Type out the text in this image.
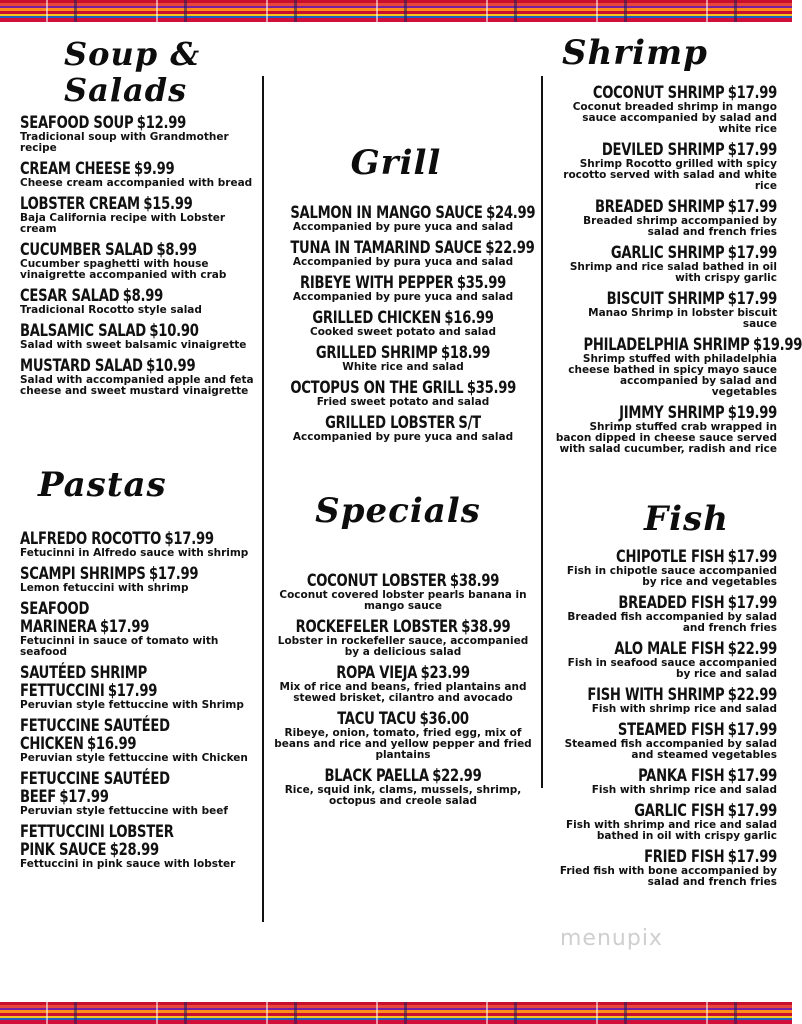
Soup & Salads
SEAFOOD SOUP $12.99
Tradicional soup with Grandmother recipe
CREAM CHEESE $9.99
Cheese cream accompanied with bread
LOBSTER CREAM $15.99
Baja California recipe with Lobster cream
CUCUMBER SALAD $8.99
Cucumber spaghetti with house vinaigrette accompanied with crab
CESAR SALAD $8.99
Tradicional Rocotto style salad
BALSAMIC SALAD $10.90
Salad with sweet balsamic vinaigrette
MUSTARD SALAD $10.99
Salad with accompanied apple and feta cheese and sweet mustard vinaigrette
Pastas
ALFREDO ROCOTTO $17.99
Fetucinni in Alfredo sauce with shrimp
SCAMPI SHRIMPS $17.99
Lemon fetuccini with shrimp
SEAFOOD
MARINERA $17.99
Fetucinni in sauce of tomato with seafood
SAUTÉED SHRIMP
FETTUCCINI $17.99
Peruvian style fettuccine with Shrimp
FETUCCINE SAUTÉED
CHICKEN $16.99
Peruvian style fettuccine with Chicken
FETUCCINE SAUTÉED
BEEF $17.99
Peruvian style fettuccine with beef
FETTUCCINI LOBSTER
PINK SAUCE $28.99
Fettuccini in pink sauce with lobster
Grill
SALMON IN MANGO SAUCE $24.99
Accompanied by pure yuca and salad
TUNA IN TAMARIND SAUCE $22.99
Accompanied by pura yuca and salad
RIBEYE WITH PEPPER $35.99
Accompanied by pure yuca and salad
GRILLED CHICKEN $16.99
Cooked sweet potato and salad
GRILLED SHRIMP $18.99
White rice and salad
OCTOPUS ON THE GRILL $35.99
Fried sweet potato and salad
GRILLED LOBSTER S/T
Accompanied by pure yuca and salad
Specials
COCONUT LOBSTER $38.99
Coconut covered lobster pearls banana in mango sauce
ROCKEFELER LOBSTER $38.99
Lobster in rockefeller sauce, accompanied by a delicious salad
ROPA VIEJA $23.99
Mix of rice and beans, fried plantains and stewed brisket, cilantro and avocado
TACU TACU $36.00
Ribeye, onion, tomato, fried egg, mix of beans and rice and yellow pepper and fried plantains
BLACK PAELLA $22.99
Rice, squid ink, clams, mussels, shrimp, octopus and creole salad
Shrimp
COCONUT SHRIMP $17.99
Coconut breaded shrimp in mango sauce accompanied by salad and white rice
DEVILED SHRIMP $17.99
Shrimp Rocotto grilled with spicy rocotto served with salad and white rice
BREADED SHRIMP $17.99
Breaded shrimp accompanied by salad and french fries
GARLIC SHRIMP $17.99
Shrimp and rice salad bathed in oil with crispy garlic
BISCUIT SHRIMP $17.99
Manao Shrimp in lobster biscuit sauce
PHILADELPHIA SHRIMP $19.99
Shrimp stuffed with philadelphia cheese bathed in spicy mayo sauce accompanied by salad and vegetables
JIMMY SHRIMP $19.99
Shrimp stuffed crab wrapped in bacon dipped in cheese sauce served with salad cucumber, radish and rice
Fish
CHIPOTLE FISH $17.99
Fish in chipotle sauce accompanied by rice and vegetables
BREADED FISH $17.99
Breaded fish accompanied by salad and french fries
ALO MALE FISH $22.99
Fish in seafood sauce accompanied by rice and salad
FISH WITH SHRIMP $22.99
Fish with shrimp rice and salad
STEAMED FISH $17.99
Steamed fish accompanied by salad and steamed vegetables
PANKA FISH $17.99
Fish with shrimp rice and salad
GARLIC FISH $17.99
Fish with shrimp and rice and salad bathed in oil with crispy garlic
FRIED FISH $17.99
Fried fish with bone accompanied by salad and french fries
menupix
